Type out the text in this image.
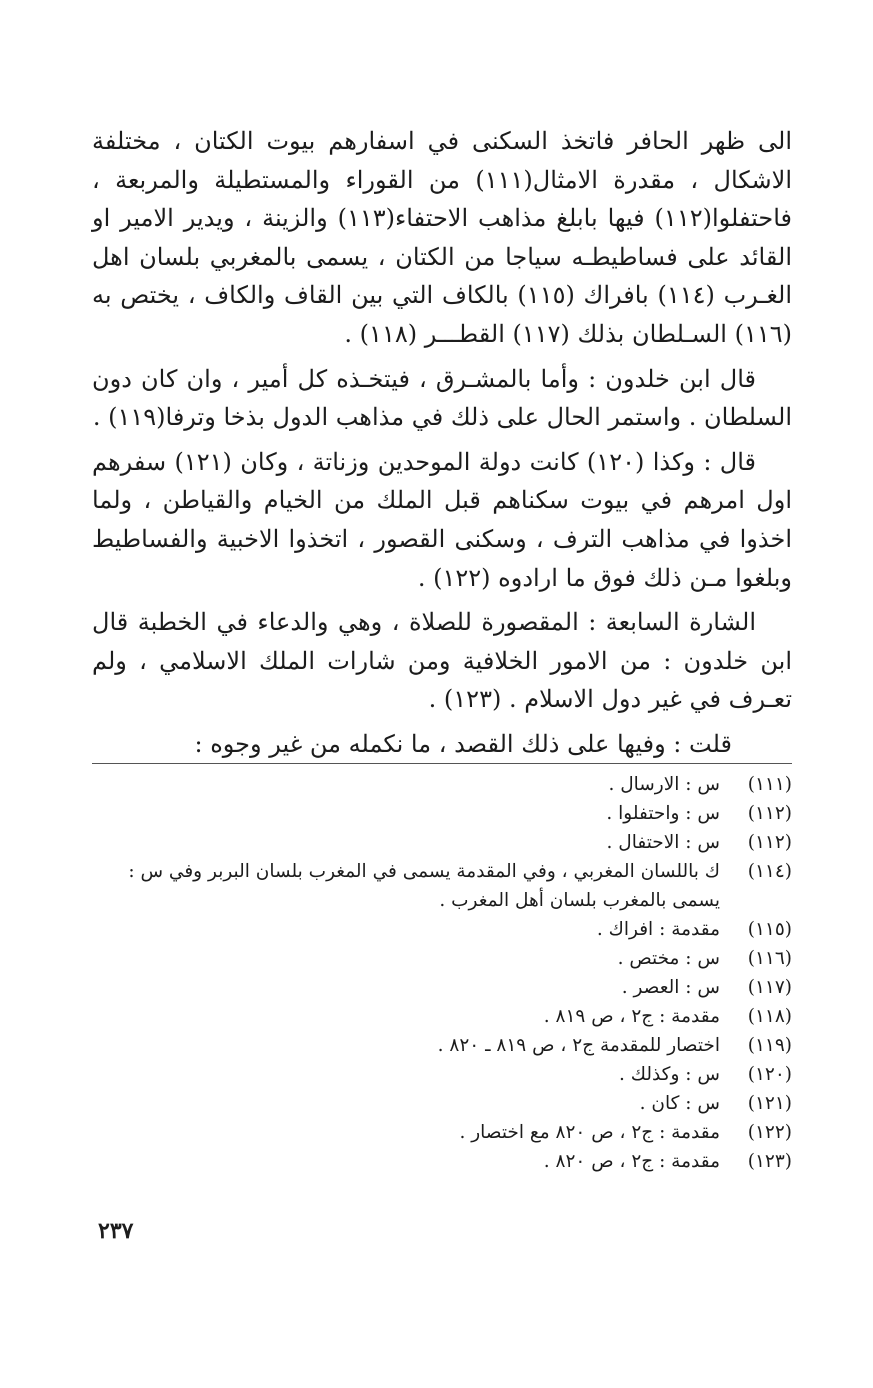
الى ظهر الحافر فاتخذ السكنى في اسفارهم بيوت الكتان ، مختلفة الاشكال ، مقدرة الامثال(١١١) من القوراء والمستطيلة والمربعة ، فاحتفلوا(١١٢) فيها بابلغ مذاهب الاحتفاء(١١٣) والزينة ، ويدير الامير او القائد على فساطيطـه سياجا من الكتان ، يسمى بالمغربي بلسان اهل الغـرب (١١٤) بافراك (١١٥) بالكاف التي بين القاف والكاف ، يختص به (١١٦) السـلطان بذلك (١١٧) القطـــر (١١٨) .

قال ابن خلدون : وأما بالمشـرق ، فيتخـذه كل أمير ، وان كان دون السلطان . واستمر الحال على ذلك في مذاهب الدول بذخا وترفا(١١٩) .

قال : وكذا (١٢٠) كانت دولة الموحدين وزناتة ، وكان (١٢١) سفرهم اول امرهم في بيوت سكناهم قبل الملك من الخيام والقياطن ، ولما اخذوا في مذاهب الترف ، وسكنى القصور ، اتخذوا الاخبية والفساطيط وبلغوا مـن ذلك فوق ما ارادوه (١٢٢) .

الشارة السابعة : المقصورة للصلاة ، وهي والدعاء في الخطبة قال ابن خلدون : من الامور الخلافية ومن شارات الملك الاسلامي ، ولم تعـرف في غير دول الاسلام . (١٢٣) .

قلت : وفيها على ذلك القصد ، ما نكمله من غير وجوه :

(١١١)
س : الارسال .
(١١٢)
س : واحتفلوا .
(١١٢)
س : الاحتفال .
(١١٤)
ك باللسان المغربي ، وفي المقدمة يسمى في المغرب بلسان البربر وفي س : يسمى بالمغرب بلسان أهل المغرب .
(١١٥)
مقدمة : افراك .
(١١٦)
س : مختص .
(١١٧)
س : العصر .
(١١٨)
مقدمة : ج٢ ، ص ٨١٩ .
(١١٩)
اختصار للمقدمة ج٢ ، ص ٨١٩ ـ ٨٢٠ .
(١٢٠)
س : وكذلك .
(١٢١)
س : كان .
(١٢٢)
مقدمة : ج٢ ، ص ٨٢٠ مع اختصار .
(١٢٣)
مقدمة : ج٢ ، ص ٨٢٠ .
٢٣٧
